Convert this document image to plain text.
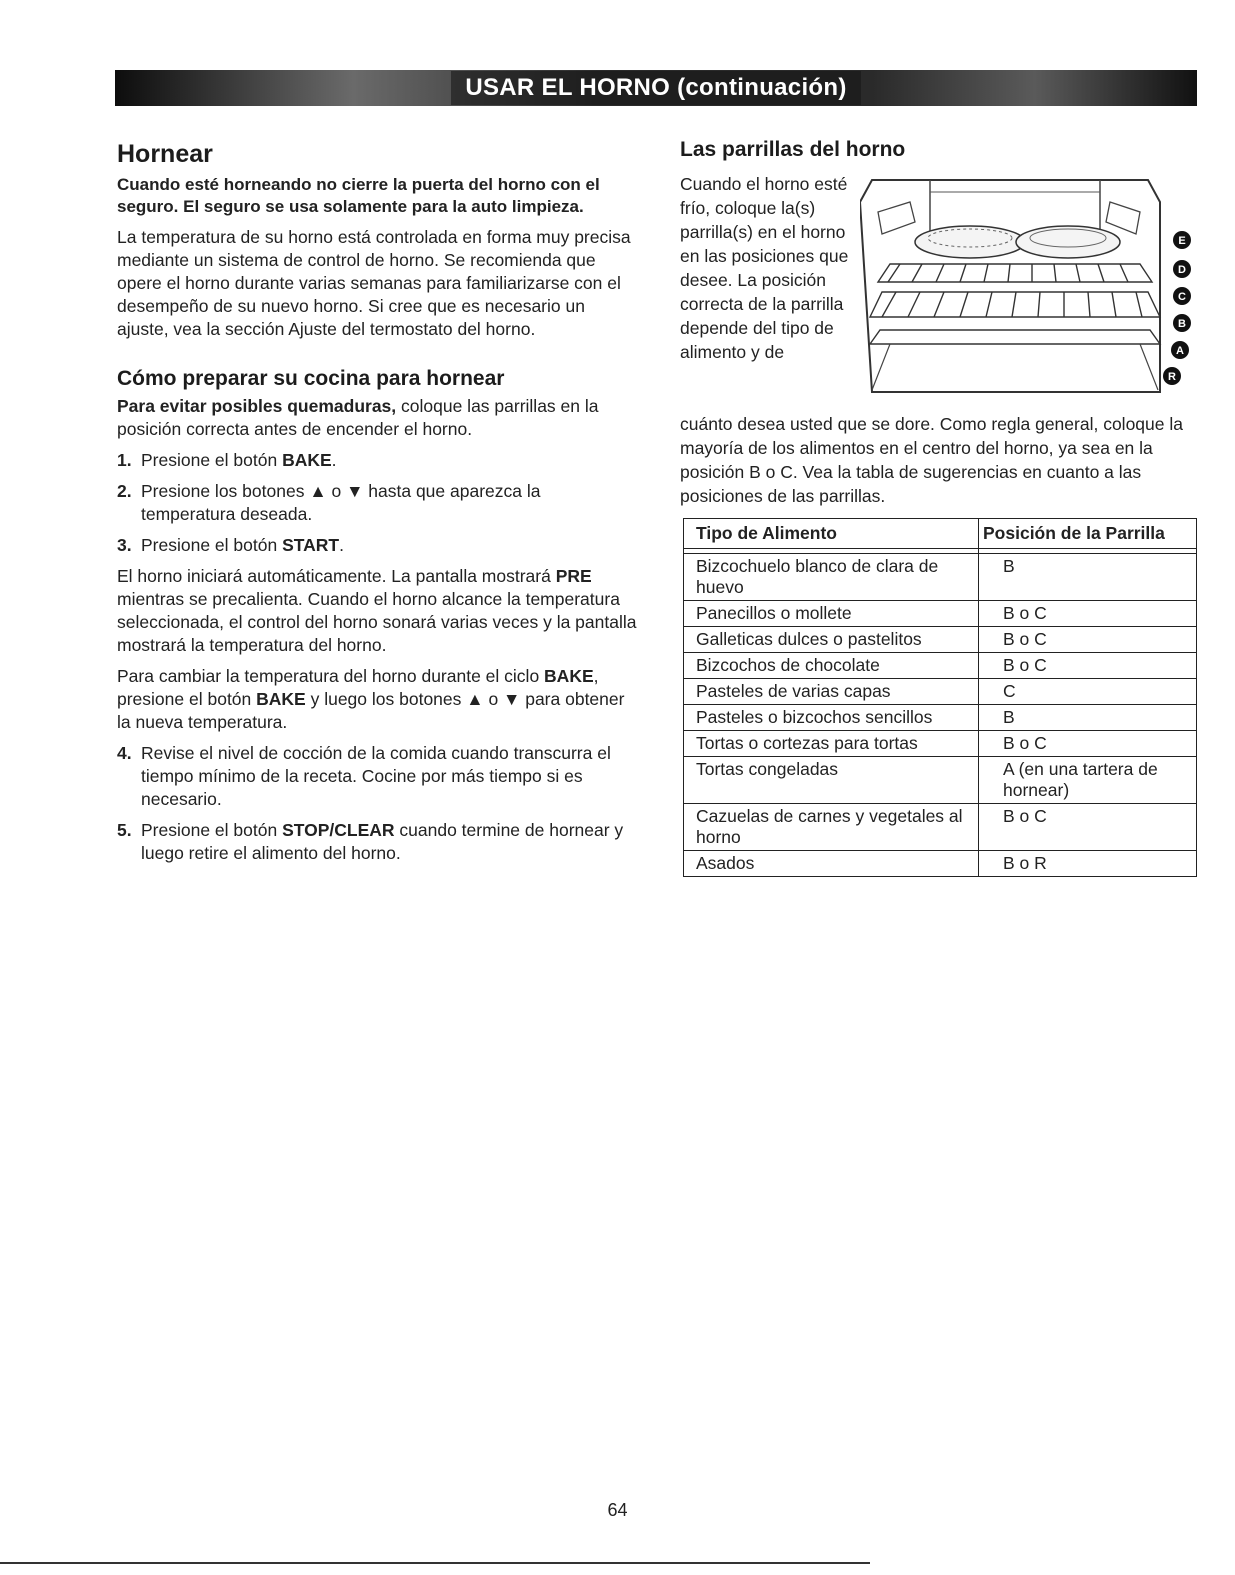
USAR EL HORNO (continuación)
Hornear

Cuando esté horneando no cierre la puerta del horno con el seguro. El seguro se usa solamente para la auto limpieza.

La temperatura de su horno está controlada en forma muy precisa mediante un sistema de control de horno. Se recomienda que opere el horno durante varias semanas para familiarizarse con el desempeño de su nuevo horno. Si cree que es necesario un ajuste, vea la sección Ajuste del termostato del horno.

Cómo preparar su cocina para hornear

Para evitar posibles quemaduras, coloque las parrillas en la posición correcta antes de encender el horno.

1. Presione el botón BAKE.
2. Presione los botones ▲ o ▼ hasta que aparezca la temperatura deseada.
3. Presione el botón START.

El horno iniciará automáticamente. La pantalla mostrará PRE mientras se precalienta. Cuando el horno alcance la temperatura seleccionada, el control del horno sonará varias veces y la pantalla mostrará la temperatura del horno.

Para cambiar la temperatura del horno durante el ciclo BAKE, presione el botón BAKE y luego los botones ▲ o ▼ para obtener la nueva temperatura.

4. Revise el nivel de cocción de la comida cuando transcurra el tiempo mínimo de la receta. Cocine por más tiempo si es necesario.
5. Presione el botón STOP/CLEAR cuando termine de hornear y luego retire el alimento del horno.
Las parrillas del horno
Cuando el horno esté frío, coloque la(s) parrilla(s) en el horno en las posiciones que desee. La posición correcta de la parrilla depende del tipo de alimento y de
cuánto desea usted que se dore. Como regla general, coloque la mayoría de los alimentos en el centro del horno, ya sea en la posición B o C. Vea la tabla de sugerencias en cuanto a las posiciones de las parrillas.
E
D
C
B
A
R
Tipo de Alimento	Posición de la Parrilla

Bizcochuelo blanco de clara de huevo	B
Panecillos o mollete	B o C
Galleticas dulces o pastelitos	B o C
Bizcochos de chocolate	B o C
Pasteles de varias capas	C
Pasteles o bizcochos sencillos	B
Tortas o cortezas para tortas	B o C
Tortas congeladas	A (en una tartera de hornear)
Cazuelas de carnes y vegetales al horno	B o C
Asados	B o R
64
